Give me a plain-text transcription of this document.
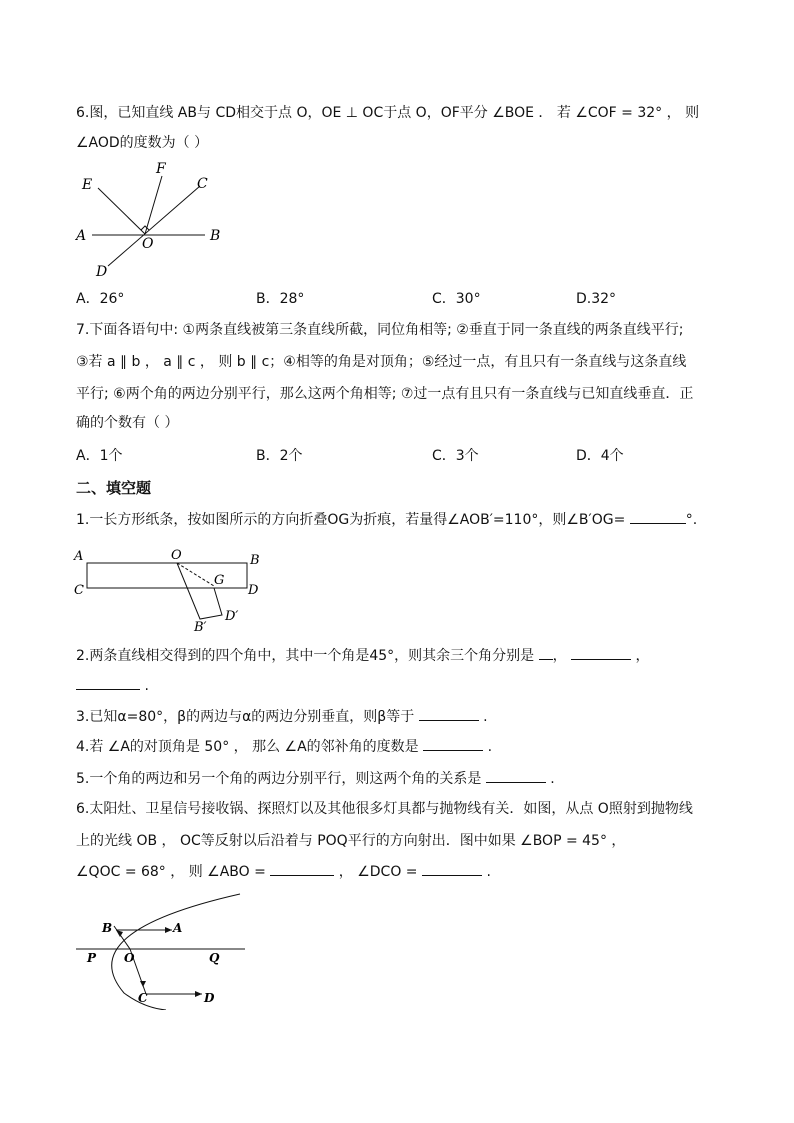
6.图，已知直线 AB与 CD相交于点 O，OE ⊥ OC于点 O，OF平分 ∠BOE ． 若 ∠COF = 32° ， 则
∠AOD的度数为（ ）
E
F
C
A	O	B
D
A．26°	B．28°	C．30°	D.32°
7.下面各语句中: ①两条直线被第三条直线所截，同位角相等; ②垂直于同一条直线的两条直线平行;
③若 a ∥ b ， a ∥ c ， 则 b ∥ c；④相等的角是对顶角；⑤经过一点，有且只有一条直线与这条直线
平行; ⑥两个角的两边分别平行，那么这两个角相等; ⑦过一点有且只有一条直线与已知直线垂直．正
确的个数有（ ）
A．1个	B．2个	C．3个	D．4个
二、填空题
1.一长方形纸条，按如图所示的方向折叠OG为折痕，若量得∠AOB′=110°，则∠B′OG=	°.
A	O	B
C
G
D
D′
B′
2.两条直线相交得到的四个角中，其中一个角是45°，则其余三个角分别是 ，	，
.
3.已知α=80°，β的两边与α的两边分别垂直，则β等于	.
4.若 ∠A的对顶角是 50° ， 那么 ∠A的邻补角的度数是	.
5.一个角的两边和另一个角的两边分别平行，则这两个角的关系是	.
6.太阳灶、卫星信号接收锅、探照灯以及其他很多灯具都与抛物线有关．如图，从点 O照射到抛物线
上的光线 OB ， OC等反射以后沿着与 POQ平行的方向射出．图中如果 ∠BOP = 45° ，
∠QOC = 68° ， 则 ∠ABO =	， ∠DCO =	.
B	A
P O	Q
C	D
